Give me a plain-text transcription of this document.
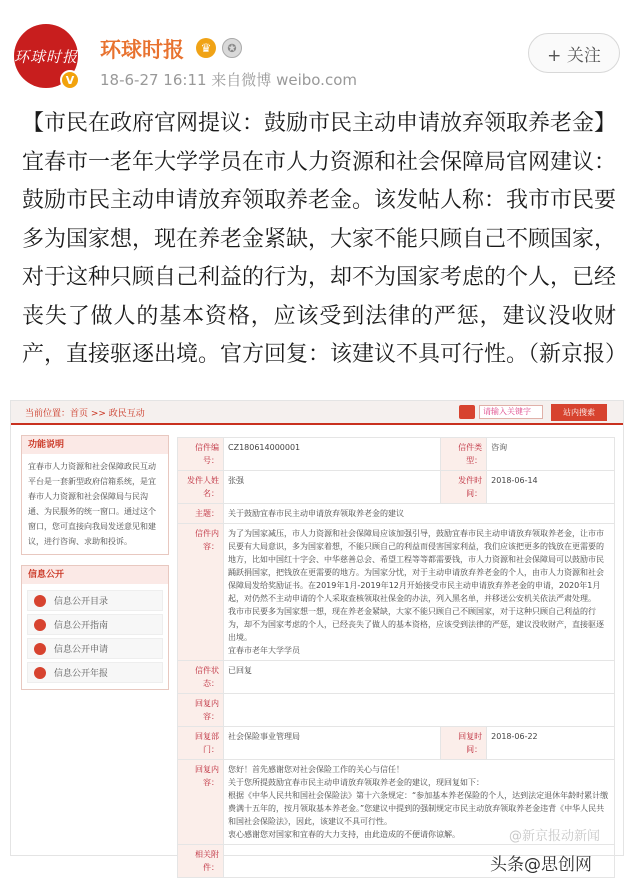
环球时报
V
环球时报	♛	✪
18-6-27 16:11 来自微博 weibo.com
+ 关注
【市民在政府官网提议：鼓励市民主动申请放弃领取养老金】宜春市一老年大学学员在市人力资源和社会保障局官网建议：鼓励市民主动申请放弃领取养老金。该发帖人称：我市市民要多为国家想，现在养老金紧缺，大家不能只顾自己不顾国家，对于这种只顾自己利益的行为，却不为国家考虑的个人，已经丧失了做人的基本资格，应该受到法律的严惩，建议没收财产，直接驱逐出境。官方回复：该建议不具可行性。（新京报）
当前位置：首页 >> 政民互动	请输入关键字	站内搜索
功能说明
宜春市人力资源和社会保障政民互动平台是一套新型政府信箱系统，是宜春市人力资源和社会保障局与民沟通、为民服务的统一窗口。通过这个窗口，您可直接向我局发送意见和建议，进行咨询、求助和投诉。
信息公开
信息公开目录
信息公开指南
信息公开申请
信息公开年报
信件编号：	CZ180614000001	信件类型：	咨询
发件人姓名：	张强	发件时间：	2018-06-14
主题：	关于鼓励宜春市民主动申请放弃领取养老金的建议		
信件内容：	为了为国家减压，市人力资源和社会保障局应该加强引导，鼓励宜春市民主动申请放弃领取养老金，让市市民要有大局意识，多为国家着想，不能只顾自己的利益而侵害国家利益，我们应该把更多的钱放在更需要的地方，比如中国红十字会、中华慈善总会、希望工程等等都需要钱，市人力资源和社会保障局可以鼓励市民踊跃捐国家，把钱放在更需要的地方。为国家分忧，对于主动申请放弃养老金的个人，由市人力资源和社会保障局发给奖励证书。在2019年1月-2019年12月开始接受市民主动申请放弃养老金的申请，2020年1月起，对仍然不主动申请的个人采取查核领取社保金的办法，列入黑名单，并移送公安机关依法严肃处理。

我市市民要多为国家想一想，现在养老金紧缺，大家不能只顾自己不顾国家，对于这种只顾自己利益的行为，却不为国家考虑的个人，已经丧失了做人的基本资格，应该受到法律的严惩，建议没收财产，直接驱逐出境。

宜春市老年大学学员		

信件状态：	已回复		
回复内容：			
回复部门：	社会保险事业管理局	回复时间：	2018-06-22
回复内容：	您好！首先感谢您对社会保险工作的关心与信任！

关于您所提鼓励宜春市民主动申请放弃领取养老金的建议，现回复如下：

根据《中华人民共和国社会保险法》第十六条规定：“参加基本养老保险的个人，达到法定退休年龄时累计缴费满十五年的，按月领取基本养老金。”您建议中提到的强制规定市民主动放弃领取养老金违背《中华人民共和国社会保险法》，因此，该建议不具可行性。

衷心感谢您对国家和宜春的大力支持，由此造成的不便请你谅解。		

相关附件：			
@新京报动新闻
头条@思创网
